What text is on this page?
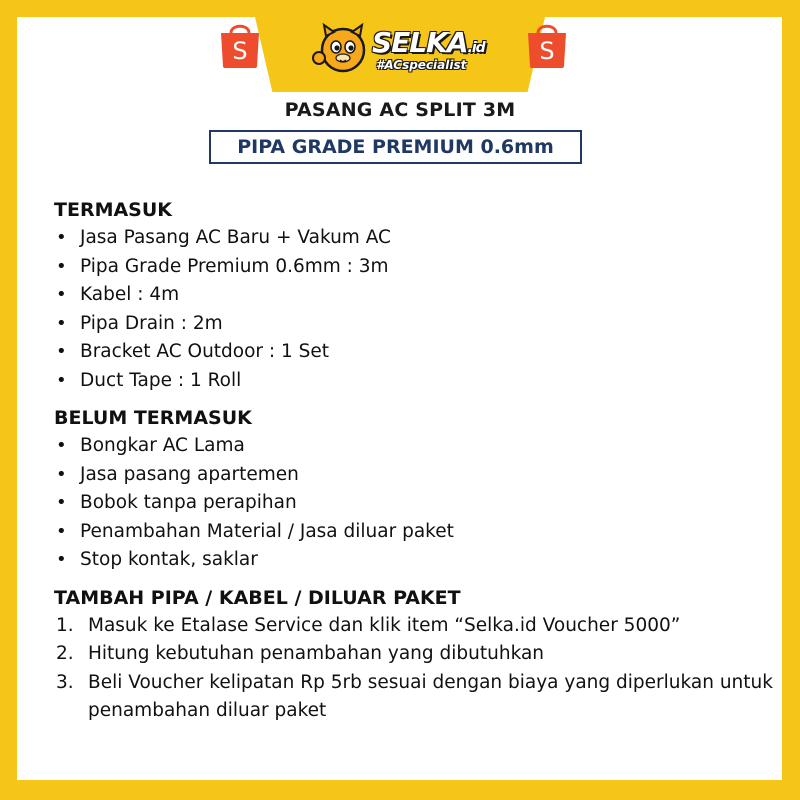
S	S
SELKA.id
#ACspecialist
PASANG AC SPLIT 3M
PIPA GRADE PREMIUM 0.6mm
TERMASUK
• Jasa Pasang AC Baru + Vakum AC
• Pipa Grade Premium 0.6mm : 3m
• Kabel : 4m
• Pipa Drain : 2m
• Bracket AC Outdoor : 1 Set
• Duct Tape : 1 Roll
BELUM TERMASUK
• Bongkar AC Lama
• Jasa pasang apartemen
• Bobok tanpa perapihan
• Penambahan Material / Jasa diluar paket
• Stop kontak, saklar
TAMBAH PIPA / KABEL / DILUAR PAKET
1. Masuk ke Etalase Service dan klik item “Selka.id Voucher 5000”
2. Hitung kebutuhan penambahan yang dibutuhkan
3. Beli Voucher kelipatan Rp 5rb sesuai dengan biaya yang diperlukan untuk penambahan diluar paket
